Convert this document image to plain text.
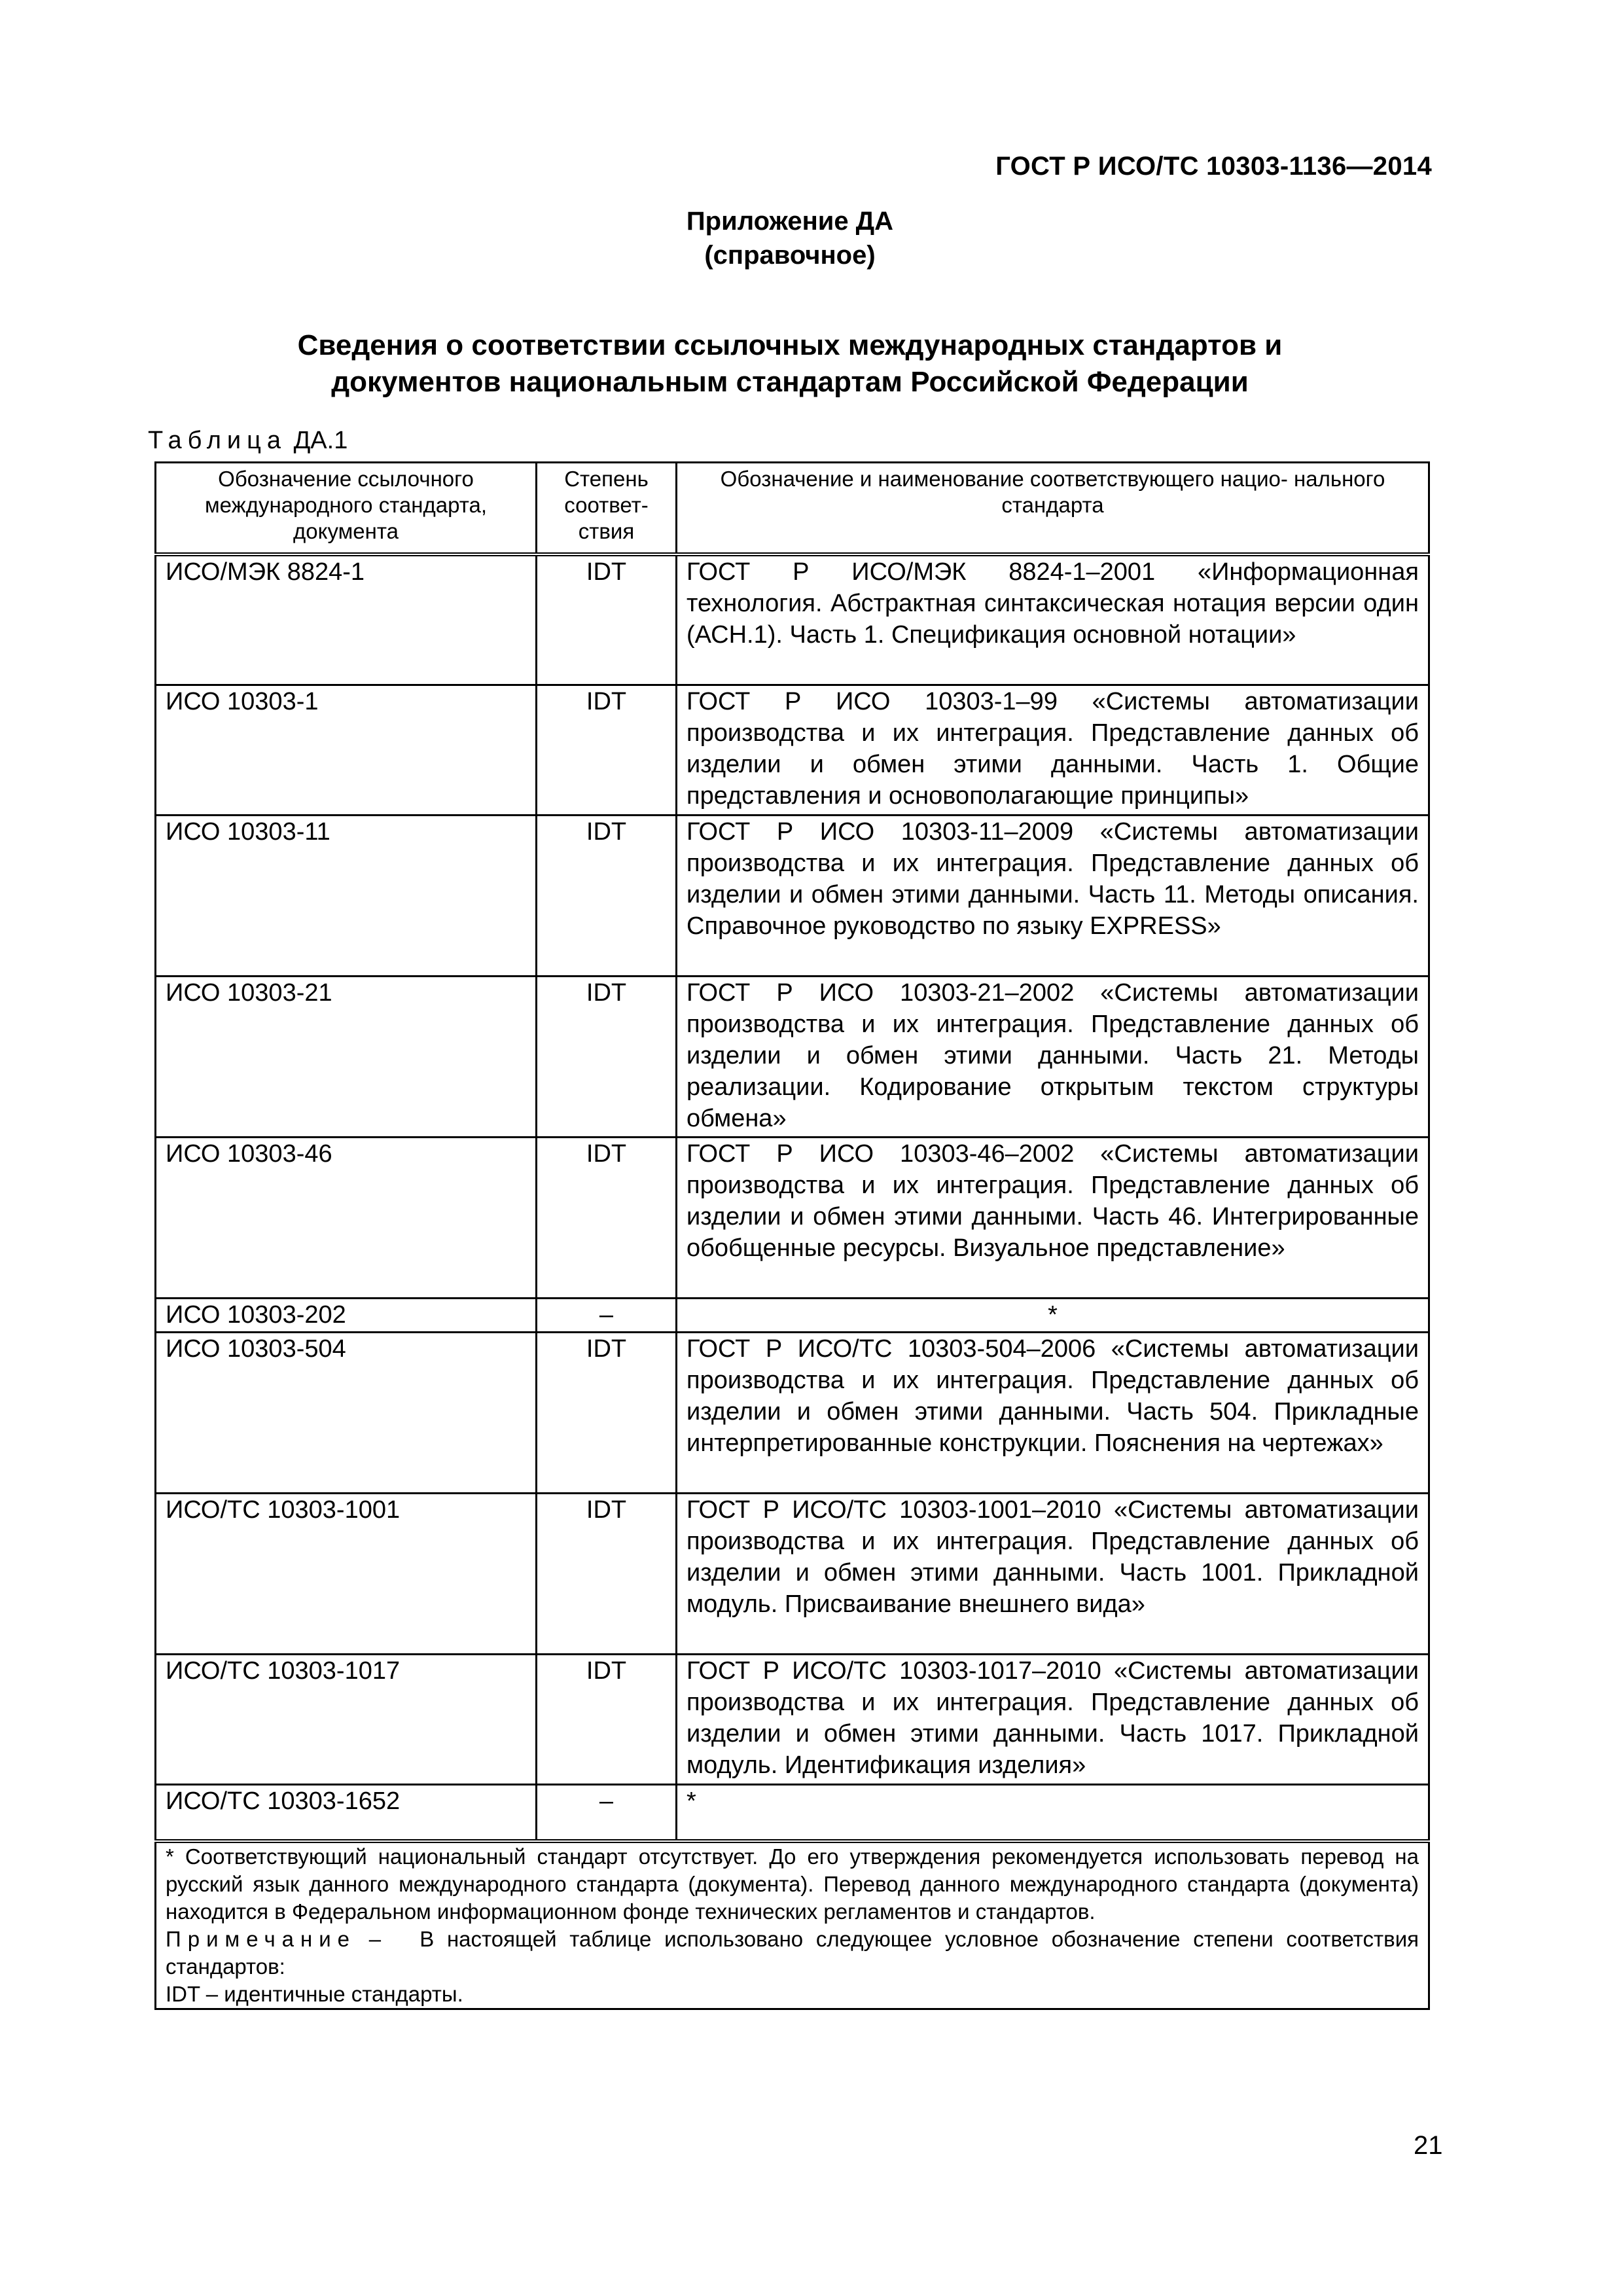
ГОСТ Р ИСО/ТС 10303-1136—2014
Приложение ДА
(справочное)
Сведения о соответствии ссылочных международных стандартов и
документов национальным стандартам Российской Федерации
Таблица ДА.1
Обозначение ссылочного международного стандарта, документа	Степень соответ- ствия	Обозначение и наименование соответствующего нацио- нального стандарта
ИСО/МЭК 8824-1	IDT	ГОСТ Р ИСО/МЭК 8824-1–2001 «Информационная технология. Абстрактная синтаксическая нотация версии один (АСН.1). Часть 1. Спецификация основной нотации»
ИСО 10303-1	IDT	ГОСТ Р ИСО 10303-1–99 «Системы автоматизации производства и их интеграция. Представление данных об изделии и обмен этими данными. Часть 1. Общие представления и основополагающие принципы»
ИСО 10303-11	IDT	ГОСТ Р ИСО 10303-11–2009 «Системы автоматизации производства и их интеграция. Представление данных об изделии и обмен этими данными. Часть 11. Методы описания. Справочное руководство по языку EXPRESS»
ИСО 10303-21	IDT	ГОСТ Р ИСО 10303-21–2002 «Системы автоматизации производства и их интеграция. Представление данных об изделии и обмен этими данными. Часть 21. Методы реализации. Кодирование открытым текстом структуры обмена»
ИСО 10303-46	IDT	ГОСТ Р ИСО 10303-46–2002 «Системы автоматизации производства и их интеграция. Представление данных об изделии и обмен этими данными. Часть 46. Интегрированные обобщенные ресурсы. Визуальное представление»
ИСО 10303-202	–	*
ИСО 10303-504	IDT	ГОСТ Р ИСО/ТС 10303-504–2006 «Системы автоматизации производства и их интеграция. Представление данных об изделии и обмен этими данными. Часть 504. Прикладные интерпретированные конструкции. Пояснения на чертежах»
ИСО/ТС 10303-1001	IDT	ГОСТ Р ИСО/ТС 10303-1001–2010 «Системы автоматизации производства и их интеграция. Представление данных об изделии и обмен этими данными. Часть 1001. Прикладной модуль. Присваивание внешнего вида»
ИСО/ТС 10303-1017	IDT	ГОСТ Р ИСО/ТС 10303-1017–2010 «Системы автоматизации производства и их интеграция. Представление данных об изделии и обмен этими данными. Часть 1017. Прикладной модуль. Идентификация изделия»
ИСО/ТС 10303-1652	–	*

* Соответствующий национальный стандарт отсутствует. До его утверждения рекомендуется использовать перевод на русский язык данного международного стандарта (документа). Перевод данного международного стандарта (документа) находится в Федеральном информационном фонде технических регламентов и стандартов.
Примечание – В настоящей таблице использовано следующее условное обозначение степени соответствия стандартов:
IDT – идентичные стандарты.		
21
